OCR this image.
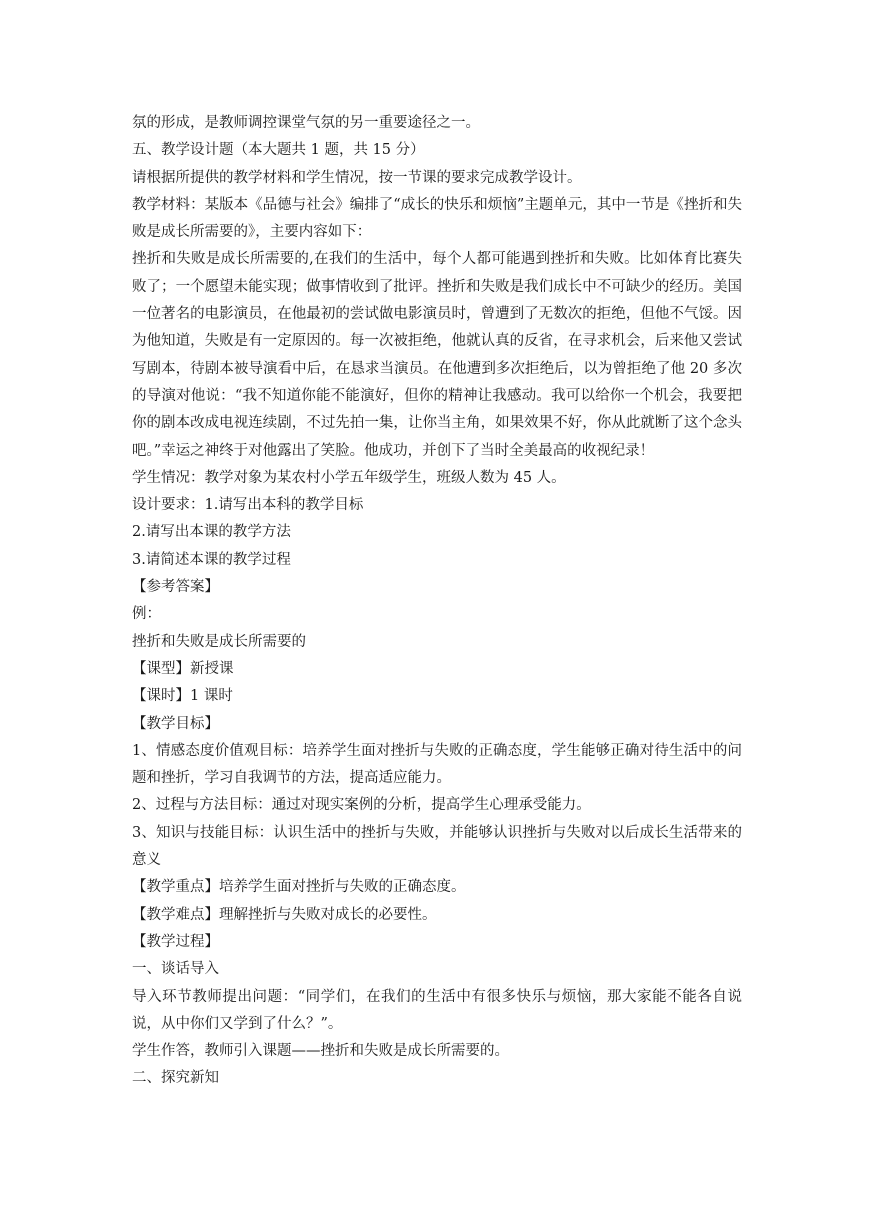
氛的形成，是教师调控课堂气氛的另一重要途径之一。

五、教学设计题（本大题共 1 题，共 15 分）

请根据所提供的教学材料和学生情况，按一节课的要求完成教学设计。

教学材料：某版本《品德与社会》编排了“成长的快乐和烦恼”主题单元，其中一节是《挫折和失败是成长所需要的》，主要内容如下：

挫折和失败是成长所需要的,在我们的生活中，每个人都可能遇到挫折和失败。比如体育比赛失败了；一个愿望未能实现；做事情收到了批评。挫折和失败是我们成长中不可缺少的经历。美国一位著名的电影演员，在他最初的尝试做电影演员时，曾遭到了无数次的拒绝，但他不气馁。因为他知道，失败是有一定原因的。每一次被拒绝，他就认真的反省，在寻求机会，后来他又尝试写剧本，待剧本被导演看中后，在恳求当演员。在他遭到多次拒绝后，以为曾拒绝了他 20 多次的导演对他说：“我不知道你能不能演好，但你的精神让我感动。我可以给你一个机会，我要把你的剧本改成电视连续剧，不过先拍一集，让你当主角，如果效果不好，你从此就断了这个念头吧。”幸运之神终于对他露出了笑脸。他成功，并创下了当时全美最高的收视纪录！

学生情况：教学对象为某农村小学五年级学生，班级人数为 45 人。

设计要求：1.请写出本科的教学目标

2.请写出本课的教学方法

3.请简述本课的教学过程

【参考答案】

例：

挫折和失败是成长所需要的

【课型】新授课

【课时】1 课时

【教学目标】

1、情感态度价值观目标：培养学生面对挫折与失败的正确态度，学生能够正确对待生活中的问题和挫折，学习自我调节的方法，提高适应能力。

2、过程与方法目标：通过对现实案例的分析，提高学生心理承受能力。

3、知识与技能目标：认识生活中的挫折与失败，并能够认识挫折与失败对以后成长生活带来的意义

【教学重点】培养学生面对挫折与失败的正确态度。

【教学难点】理解挫折与失败对成长的必要性。

【教学过程】

一、谈话导入

导入环节教师提出问题：“同学们，在我们的生活中有很多快乐与烦恼，那大家能不能各自说说，从中你们又学到了什么？”。

学生作答，教师引入课题——挫折和失败是成长所需要的。

二、探究新知
